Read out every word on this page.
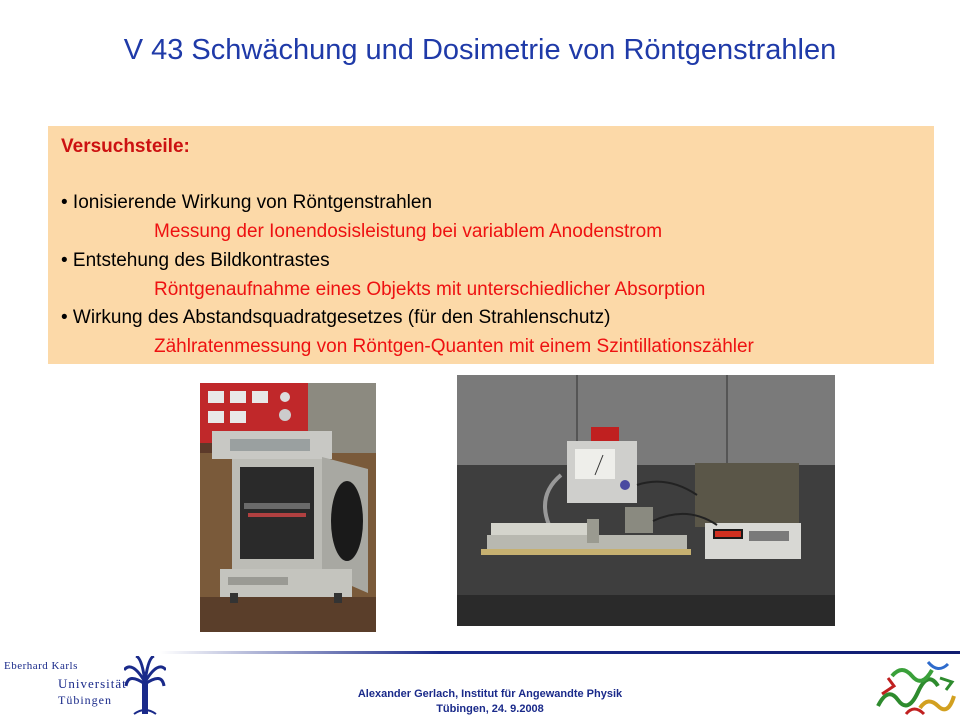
V 43 Schwächung und Dosimetrie von Röntgenstrahlen
Versuchsteile:
• Ionisierende Wirkung von Röntgenstrahlen
Messung der Ionendosisleistung bei variablem Anodenstrom
• Entstehung des Bildkontrastes
Röntgenaufnahme eines Objekts mit unterschiedlicher Absorption
• Wirkung des Abstandsquadratgesetzes (für den Strahlenschutz)
Zählratenmessung von Röntgen-Quanten mit einem Szintillationszähler
Eberhard Karls
Universität
Tübingen	Alexander Gerlach, Institut für Angewandte Physik
Tübingen, 24. 9.2008
